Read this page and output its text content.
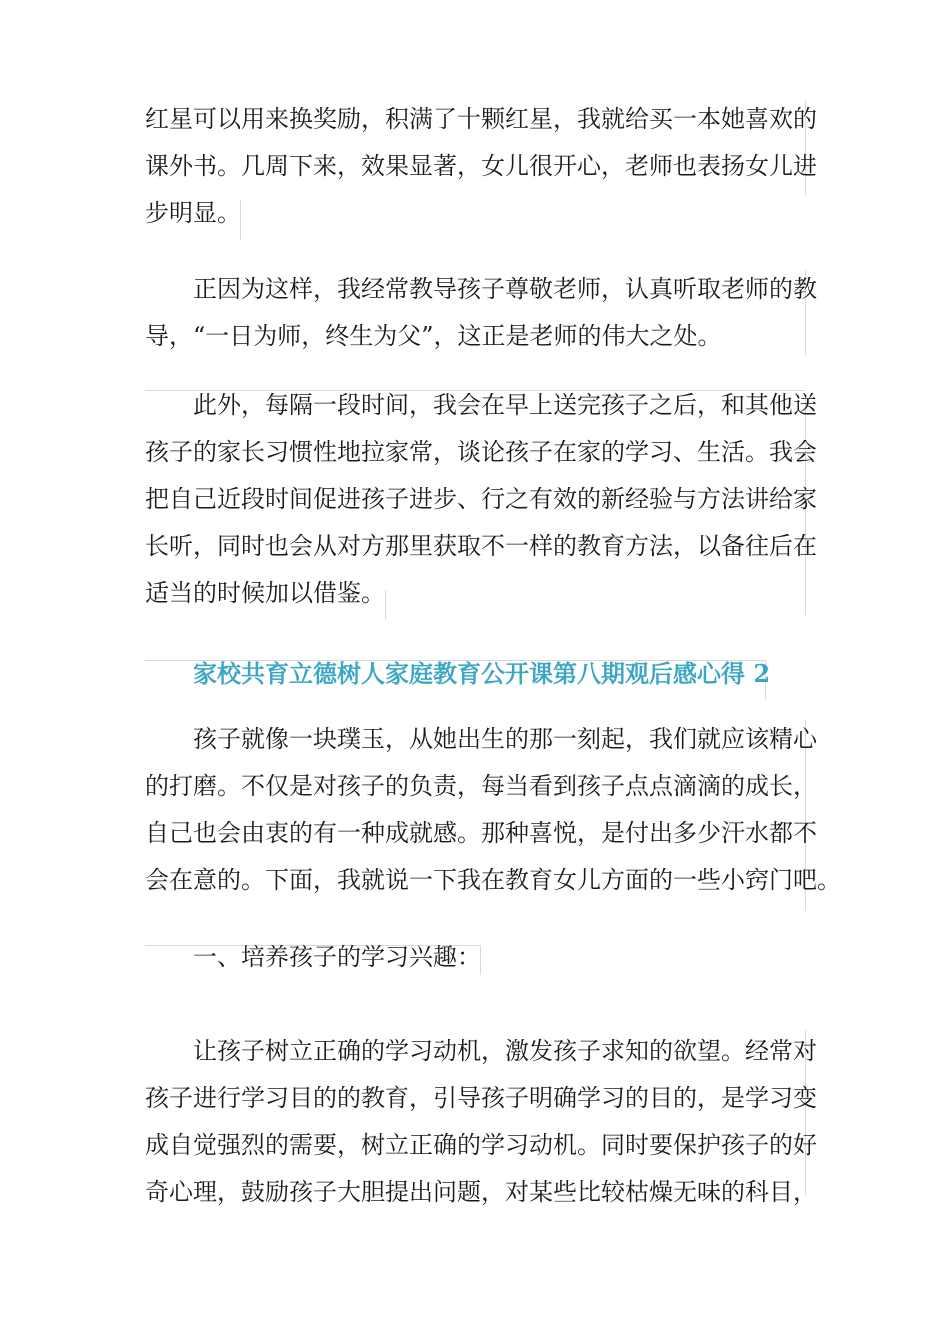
红星可以用来换奖励，积满了十颗红星，我就给买一本她喜欢的
课外书。几周下来，效果显著，女儿很开心，老师也表扬女儿进
步明显。
正因为这样，我经常教导孩子尊敬老师，认真听取老师的教
导，“一日为师，终生为父”，这正是老师的伟大之处。
此外，每隔一段时间，我会在早上送完孩子之后，和其他送
孩子的家长习惯性地拉家常，谈论孩子在家的学习、生活。我会
把自己近段时间促进孩子进步、行之有效的新经验与方法讲给家
长听，同时也会从对方那里获取不一样的教育方法，以备往后在
适当的时候加以借鉴。
家校共育立德树人家庭教育公开课第八期观后感心得 2
孩子就像一块璞玉，从她出生的那一刻起，我们就应该精心
的打磨。不仅是对孩子的负责，每当看到孩子点点滴滴的成长，
自己也会由衷的有一种成就感。那种喜悦，是付出多少汗水都不
会在意的。下面，我就说一下我在教育女儿方面的一些小窍门吧。
一、培养孩子的学习兴趣：
让孩子树立正确的学习动机，激发孩子求知的欲望。经常对
孩子进行学习目的的教育，引导孩子明确学习的目的，是学习变
成自觉强烈的需要，树立正确的学习动机。同时要保护孩子的好
奇心理，鼓励孩子大胆提出问题，对某些比较枯燥无味的科目，
